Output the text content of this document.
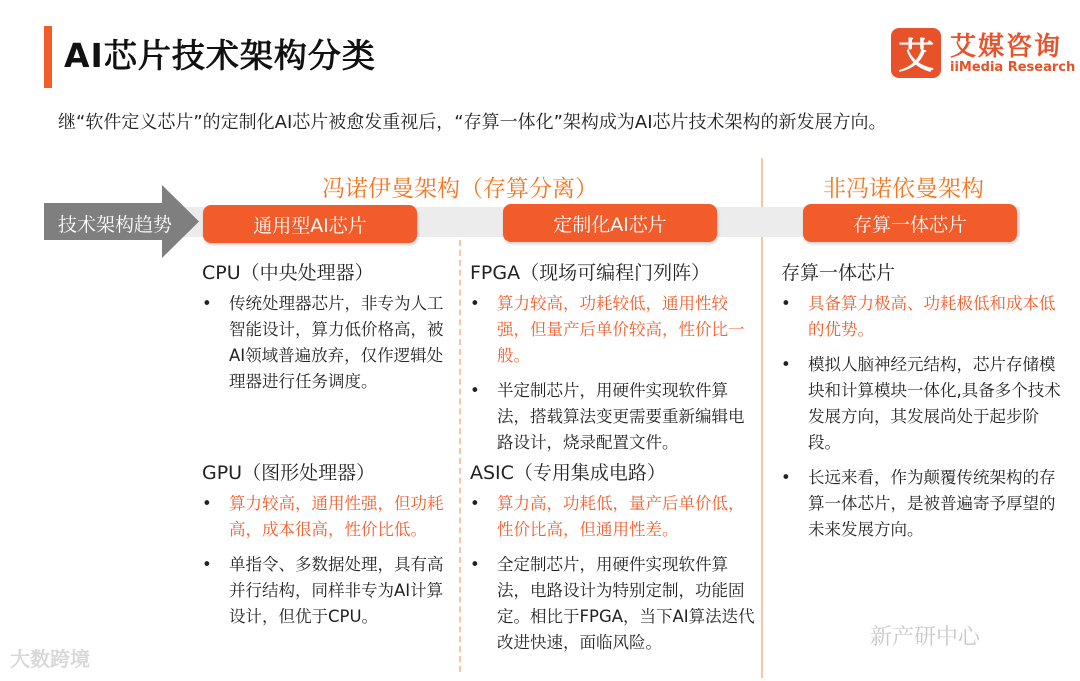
AI芯片技术架构分类	艾 艾媒咨询
iiMedia Research
继“软件定义芯片”的定制化AI芯片被愈发重视后，“存算一体化”架构成为AI芯片技术架构的新发展方向。
冯诺伊曼架构（存算分离）	非冯诺依曼架构
技术架构趋势	通用型AI芯片	定制化AI芯片	存算一体芯片
CPU（中央处理器）
• 传统处理器芯片，非专为人工智能设计，算力低价格高，被AI领域普遍放弃，仅作逻辑处理器进行任务调度。
GPU（图形处理器）
• 算力较高，通用性强，但功耗高，成本很高，性价比低。
• 单指令、多数据处理，具有高并行结构，同样非专为AI计算设计，但优于CPU。
FPGA（现场可编程门列阵）
• 算力较高，功耗较低，通用性较强，但量产后单价较高，性价比一般。
• 半定制芯片，用硬件实现软件算法，搭载算法变更需要重新编辑电路设计，烧录配置文件。
ASIC（专用集成电路）
• 算力高，功耗低，量产后单价低，性价比高，但通用性差。
• 全定制芯片，用硬件实现软件算法，电路设计为特别定制，功能固定。相比于FPGA，当下AI算法迭代改进快速，面临风险。
存算一体芯片
• 具备算力极高、功耗极低和成本低的优势。
• 模拟人脑神经元结构，芯片存储模块和计算模块一体化,具备多个技术发展方向，其发展尚处于起步阶段。
• 长远来看，作为颠覆传统架构的存算一体芯片，是被普遍寄予厚望的未来发展方向。
大数跨境
新产研中心
